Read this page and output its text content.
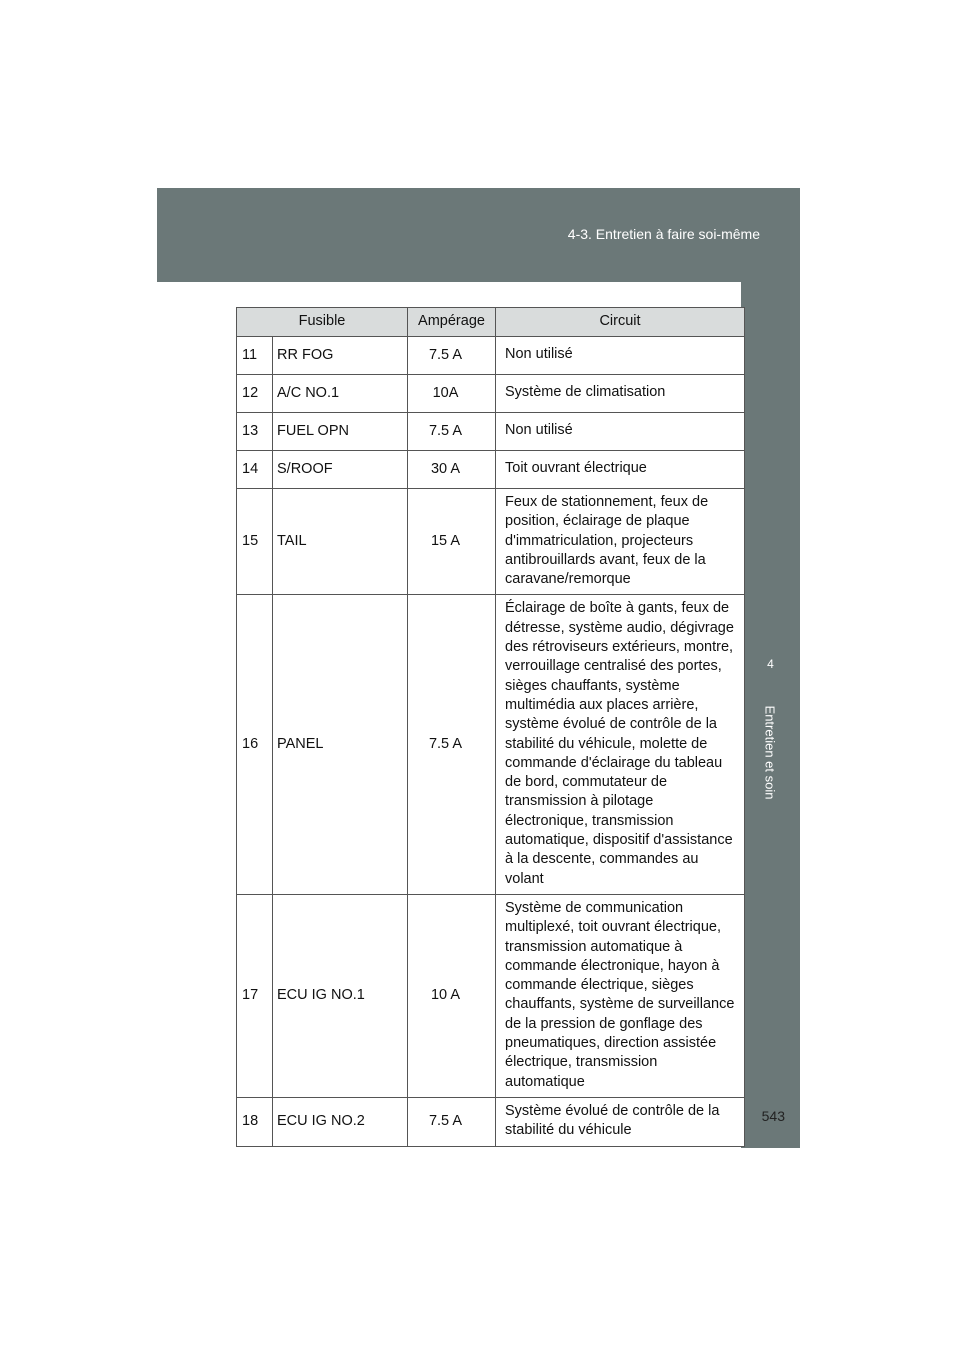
4-3. Entretien à faire soi-même
4
Entretien et soin
Fusible		Ampérage	Circuit
11	RR FOG	7.5 A	Non utilisé
12	A/C NO.1	10A	Système de climatisation
13	FUEL OPN	7.5 A	Non utilisé
14	S/ROOF	30 A	Toit ouvrant électrique
15	TAIL	15 A	Feux de stationnement, feux de position, éclairage de plaque d'immatriculation, projecteurs antibrouillards avant, feux de la caravane/remorque
16	PANEL	7.5 A	Éclairage de boîte à gants, feux de détresse, système audio, dégivrage des rétroviseurs extérieurs, montre, verrouillage centralisé des portes, sièges chauffants, système multimédia aux places arrière, système évolué de contrôle de la stabilité du véhicule, molette de commande d'éclairage du tableau de bord, commutateur de transmission à pilotage électronique, transmission automatique, dispositif d'assistance à la descente, commandes au volant
17	ECU IG NO.1	10 A	Système de communication multiplexé, toit ouvrant électrique, transmission automatique à commande électronique, hayon à commande électrique, sièges chauffants, système de surveillance de la pression de gonflage des pneumatiques, direction assistée électrique, transmission automatique
18	ECU IG NO.2	7.5 A	Système évolué de contrôle de la stabilité du véhicule
543
